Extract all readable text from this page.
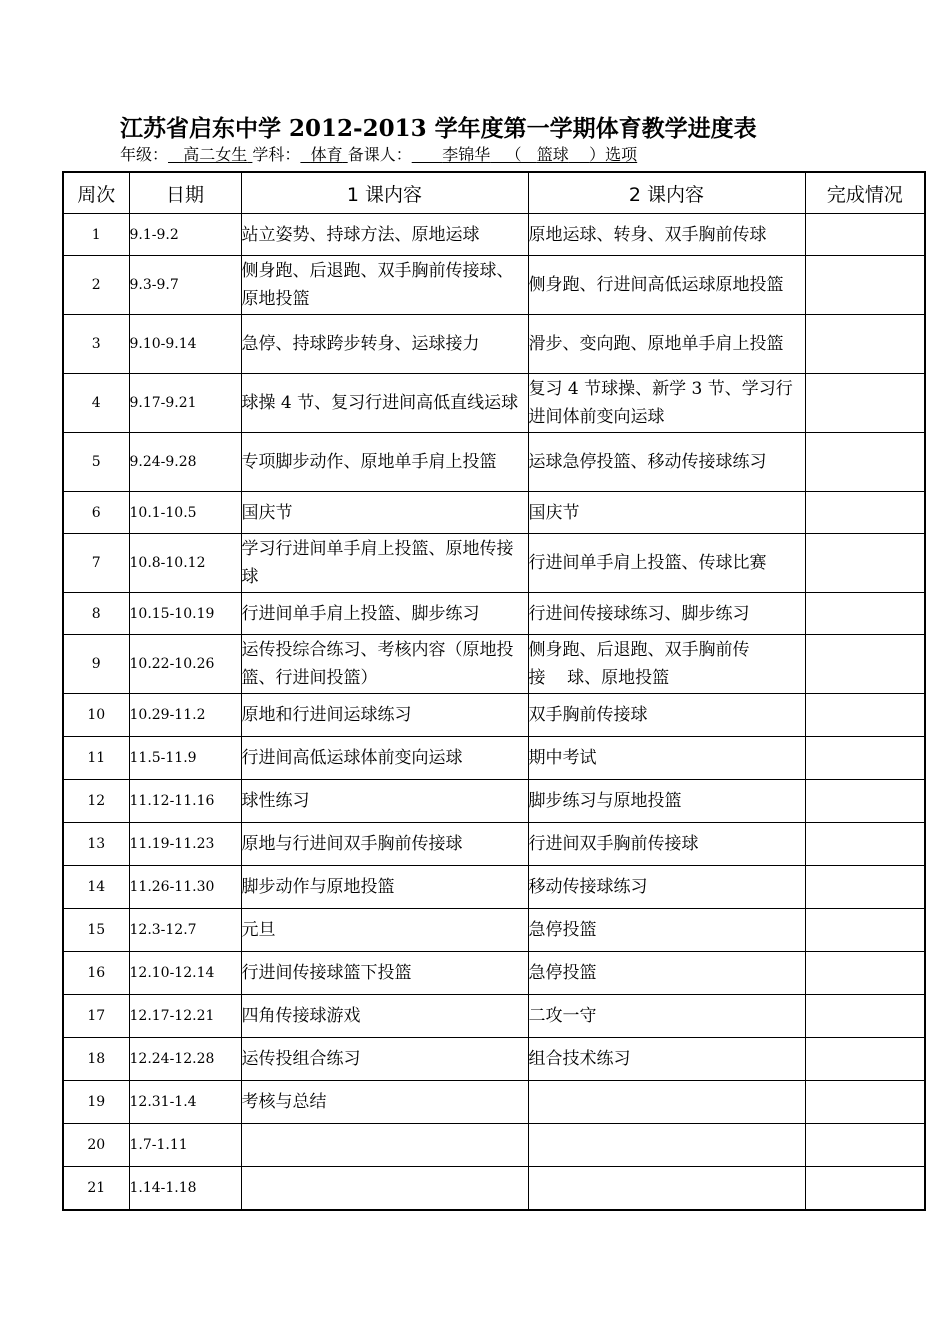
江苏省启东中学 2012-2013 学年度第一学期体育教学进度表
年级： 高二女生 学科： 体育 备课人： 李锦华 （ 篮球 ）选项
周次	日期	1 课内容	2 课内容	完成情况
1	9.1-9.2	站立姿势、持球方法、原地运球	原地运球、转身、双手胸前传球	
2	9.3-9.7	侧身跑、后退跑、双手胸前传接球、原地投篮	侧身跑、行进间高低运球原地投篮	
3	9.10-9.14	急停、持球跨步转身、运球接力	滑步、变向跑、原地单手肩上投篮	
4	9.17-9.21	球操 4 节、复习行进间高低直线运球	复习 4 节球操、新学 3 节、学习行进间体前变向运球	
5	9.24-9.28	专项脚步动作、原地单手肩上投篮	运球急停投篮、移动传接球练习	
6	10.1-10.5	国庆节	国庆节	
7	10.8-10.12	学习行进间单手肩上投篮、原地传接球	行进间单手肩上投篮、传球比赛	
8	10.15-10.19	行进间单手肩上投篮、脚步练习	行进间传接球练习、脚步练习	
9	10.22-10.26	运传投综合练习、考核内容（原地投篮、行进间投篮）	侧身跑、后退跑、双手胸前传接    球、原地投篮	
10	10.29-11.2	原地和行进间运球练习	双手胸前传接球	
11	11.5-11.9	行进间高低运球体前变向运球	期中考试	
12	11.12-11.16	球性练习	脚步练习与原地投篮	
13	11.19-11.23	原地与行进间双手胸前传接球	行进间双手胸前传接球	
14	11.26-11.30	脚步动作与原地投篮	移动传接球练习	
15	12.3-12.7	元旦	急停投篮	
16	12.10-12.14	行进间传接球篮下投篮	急停投篮	
17	12.17-12.21	四角传接球游戏	二攻一守	
18	12.24-12.28	运传投组合练习	组合技术练习	
19	12.31-1.4	考核与总结		
20	1.7-1.11			
21	1.14-1.18			
